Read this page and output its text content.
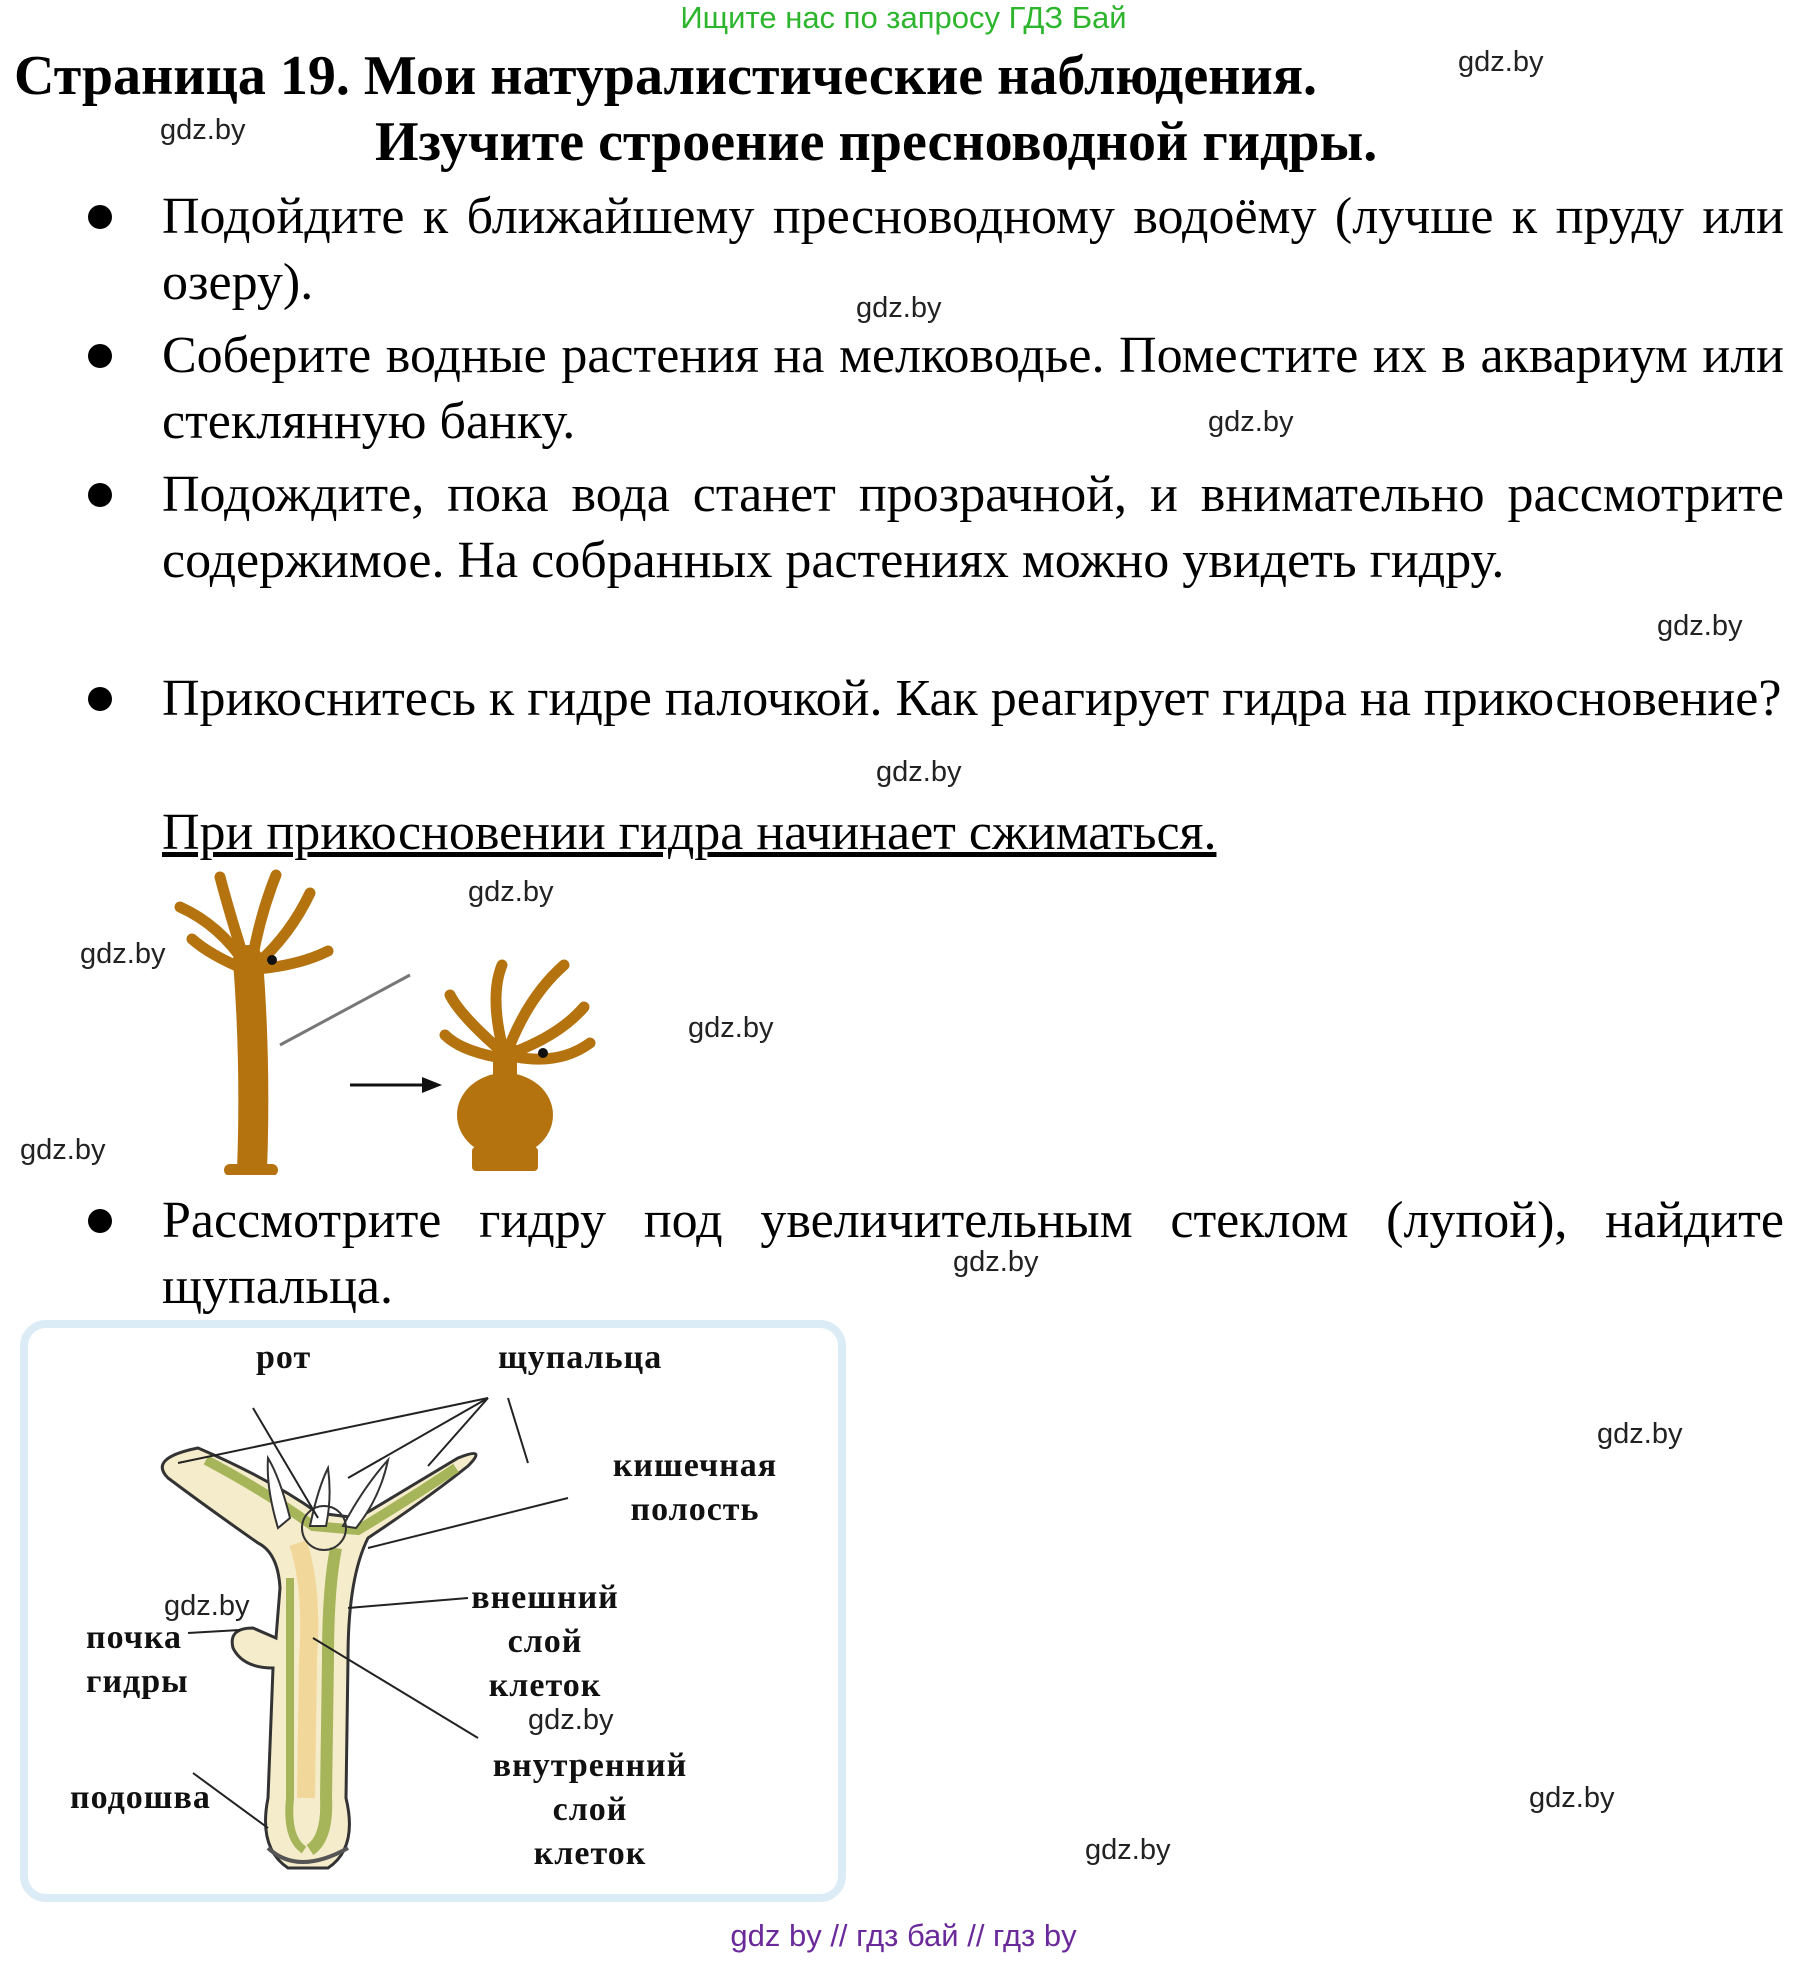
Ищите нас по запросу ГДЗ Бай
Страница 19. Мои натуралистические наблюдения.
Изучите строение пресноводной гидры.

Подойдите к ближайшему пресноводному водоёму (лучше к пруду или озеру).

Соберите водные растения на мелководье. Поместите их в аквариум или стеклянную банку.

Подождите, пока вода станет прозрачной, и внимательно рассмотрите содержимое. На собранных растениях можно увидеть гидру.

Прикоснитесь к гидре палочкой. Как реагирует гидра на прикосновение?

При прикосновении гидра начинает сжиматься.

Рассмотрите гидру под увеличительным стеклом (лупой), найдите щупальца.

рот	щупальца
кишечная
полость
внешний
слой
клеток
почка
гидры
внутренний
слой
клеток
подошва
gdz.by
gdz.by
gdz.by
gdz.by
gdz.by
gdz.by
gdz.by
gdz.by
gdz.by
gdz.by
gdz.by
gdz.by
gdz.by
gdz.by
gdz.by
gdz.by
gdz by // гдз бай // гдз by
